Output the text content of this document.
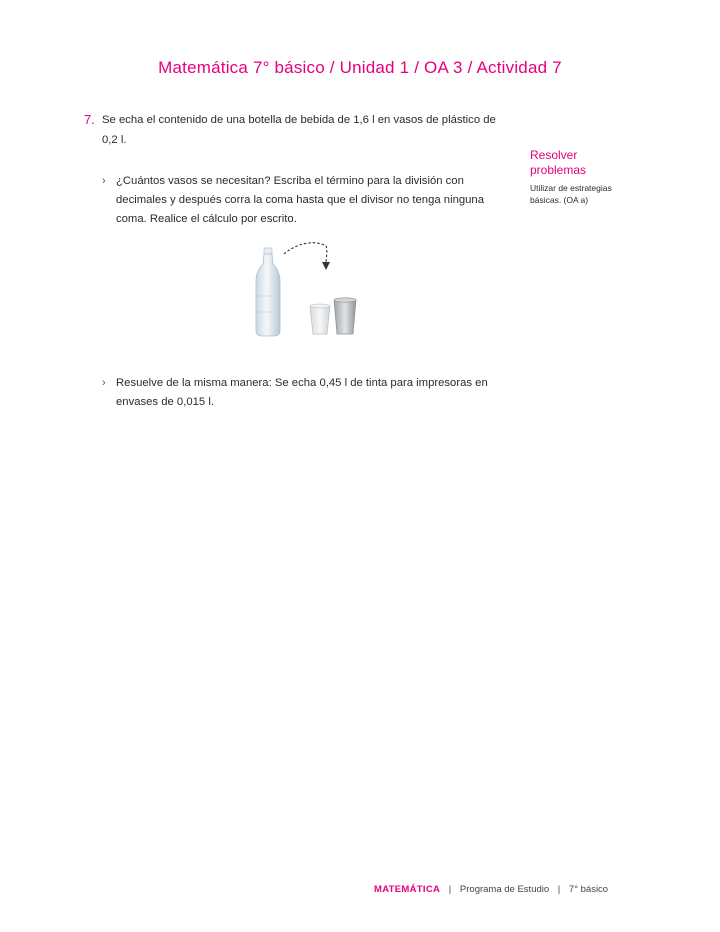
Matemática 7° básico / Unidad 1 / OA 3 / Actividad 7
7. Se echa el contenido de una botella de bebida de 1,6 l en vasos de plástico de 0,2 l.
› ¿Cuántos vasos se necesitan? Escriba el término para la división con decimales y después corra la coma hasta que el divisor no tenga ninguna coma. Realice el cálculo por escrito.
› Resuelve de la misma manera: Se echa 0,45 l de tinta para impresoras en envases de 0,015 l.
Resolver problemas
Utilizar de estrategias básicas. (OA a)
MATEMÁTICA | Programa de Estudio | 7° básico
